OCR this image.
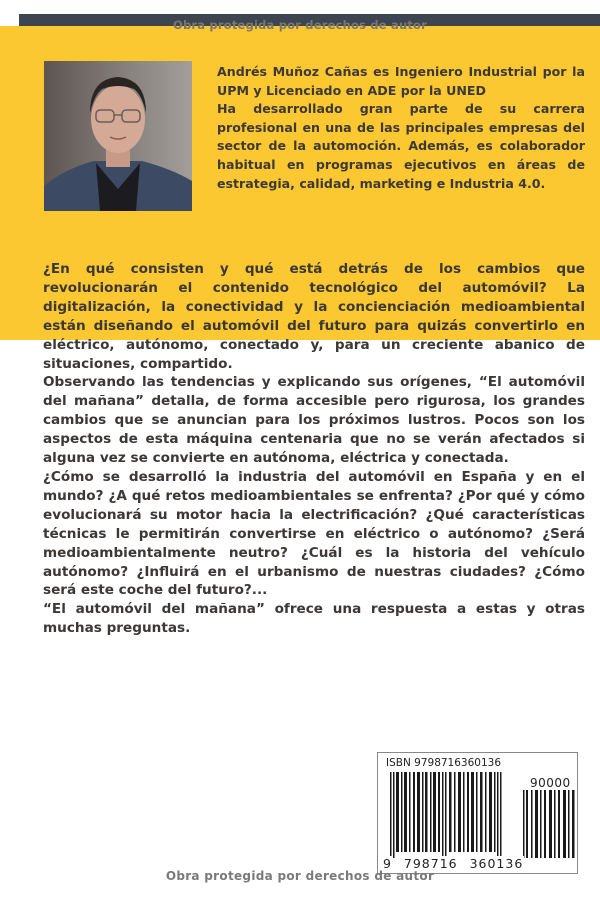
Obra protegida por derechos de autor

Andrés Muñoz Cañas es Ingeniero Industrial por la UPM y Licenciado en ADE por la UNED

Ha desarrollado gran parte de su carrera profesional en una de las principales empresas del sector de la automoción. Además, es colaborador habitual en programas ejecutivos en áreas de estrategia, calidad, marketing e Industria 4.0.

¿En qué consisten y qué está detrás de los cambios que revolucionarán el contenido tecnológico del automóvil? La digitalización, la conectividad y la concienciación medioambiental están diseñando el automóvil del futuro para quizás convertirlo en eléctrico, autónomo, conectado y, para un creciente abanico de situaciones, compartido.

Observando las tendencias y explicando sus orígenes, “El automóvil del mañana” detalla, de forma accesible pero rigurosa, los grandes cambios que se anuncian para los próximos lustros. Pocos son los aspectos de esta máquina centenaria que no se verán afectados si alguna vez se convierte en autónoma, eléctrica y conectada.

¿Cómo se desarrolló la industria del automóvil en España y en el mundo? ¿A qué retos medioambientales se enfrenta? ¿Por qué y cómo evolucionará su motor hacia la electrificación? ¿Qué características técnicas le permitirán convertirse en eléctrico o autónomo? ¿Será medioambientalmente neutro? ¿Cuál es la historia del vehículo autónomo? ¿Influirá en el urbanismo de nuestras ciudades? ¿Cómo será este coche del futuro?...

“El automóvil del mañana” ofrece una respuesta a estas y otras muchas preguntas.

ISBN 9798716360136
90000
9 798716 360136
Obra protegida por derechos de autor
